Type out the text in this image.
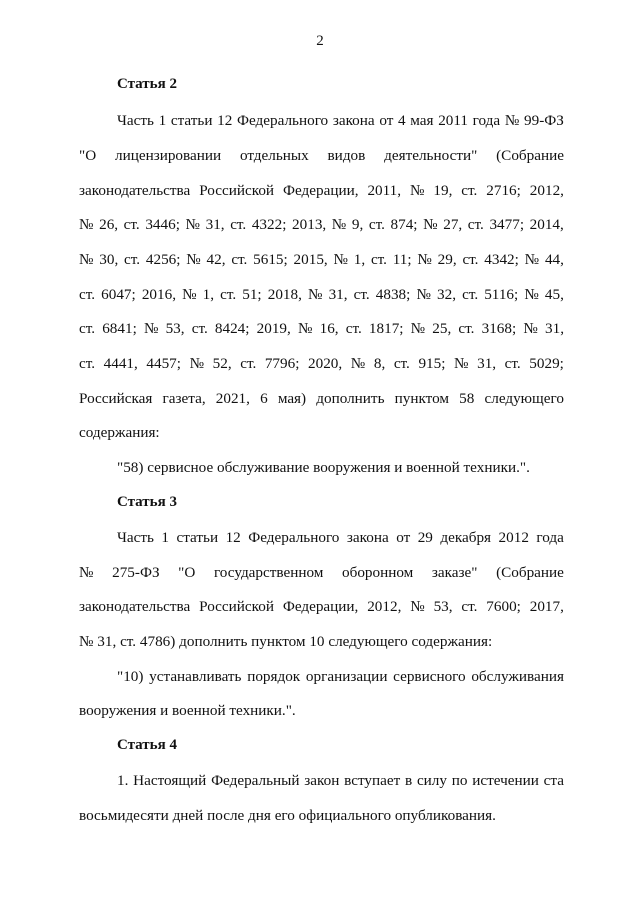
2
Статья 2
Часть 1 статьи 12 Федерального закона от 4 мая 2011 года № 99-ФЗ
"О лицензировании отдельных видов деятельности" (Собрание
законодательства Российской Федерации, 2011, № 19, ст. 2716; 2012,
№ 26, ст. 3446; № 31, ст. 4322; 2013, № 9, ст. 874; № 27, ст. 3477; 2014,
№ 30, ст. 4256; № 42, ст. 5615; 2015, № 1, ст. 11; № 29, ст. 4342; № 44,
ст. 6047; 2016, № 1, ст. 51; 2018, № 31, ст. 4838; № 32, ст. 5116; № 45,
ст. 6841; № 53, ст. 8424; 2019, № 16, ст. 1817; № 25, ст. 3168; № 31,
ст. 4441, 4457; № 52, ст. 7796; 2020, № 8, ст. 915; № 31, ст. 5029;
Российская газета, 2021, 6 мая) дополнить пунктом 58 следующего
содержания:
"58) сервисное обслуживание вооружения и военной техники.".
Статья 3
Часть 1 статьи 12 Федерального закона от 29 декабря 2012 года
№ 275-ФЗ "О государственном оборонном заказе" (Собрание
законодательства Российской Федерации, 2012, № 53, ст. 7600; 2017,
№ 31, ст. 4786) дополнить пунктом 10 следующего содержания:
"10) устанавливать порядок организации сервисного обслуживания
вооружения и военной техники.".
Статья 4
1. Настоящий Федеральный закон вступает в силу по истечении ста
восьмидесяти дней после дня его официального опубликования.
